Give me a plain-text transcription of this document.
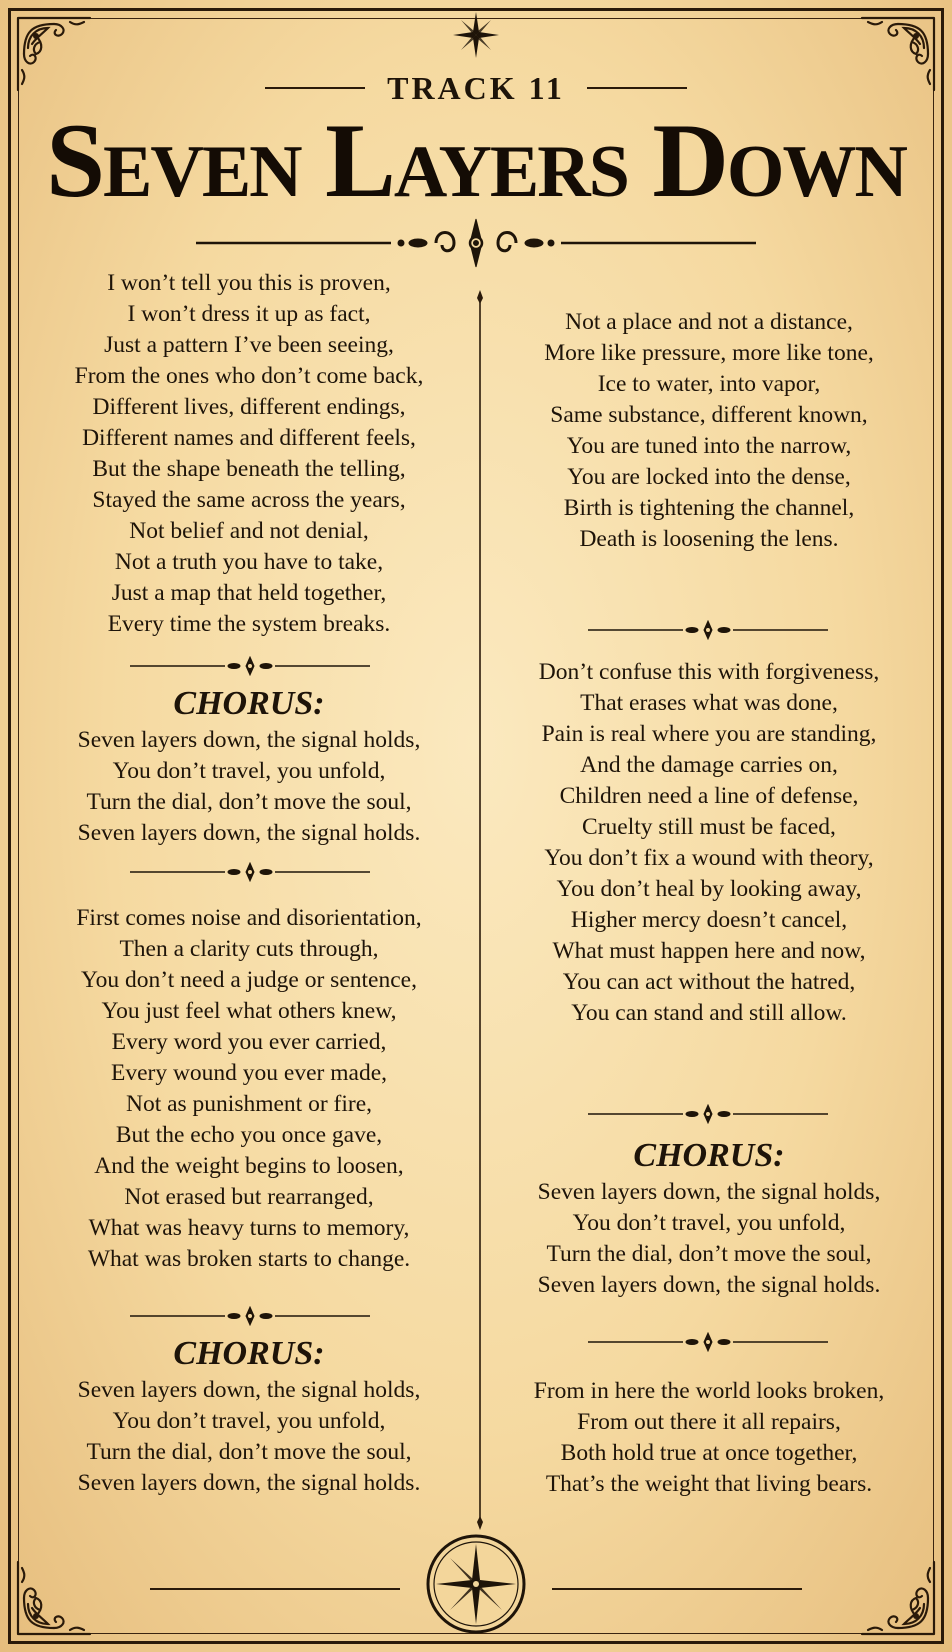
TRACK 11
Seven Layers Down
I won’t tell you this is proven,
I won’t dress it up as fact,
Just a pattern I’ve been seeing,
From the ones who don’t come back,
Different lives, different endings,
Different names and different feels,
But the shape beneath the telling,
Stayed the same across the years,
Not belief and not denial,
Not a truth you have to take,
Just a map that held together,
Every time the system breaks.
CHORUS:
Seven layers down, the signal holds,
You don’t travel, you unfold,
Turn the dial, don’t move the soul,
Seven layers down, the signal holds.
First comes noise and disorientation,
Then a clarity cuts through,
You don’t need a judge or sentence,
You just feel what others knew,
Every word you ever carried,
Every wound you ever made,
Not as punishment or fire,
But the echo you once gave,
And the weight begins to loosen,
Not erased but rearranged,
What was heavy turns to memory,
What was broken starts to change.
CHORUS:
Seven layers down, the signal holds,
You don’t travel, you unfold,
Turn the dial, don’t move the soul,
Seven layers down, the signal holds.
Not a place and not a distance,
More like pressure, more like tone,
Ice to water, into vapor,
Same substance, different known,
You are tuned into the narrow,
You are locked into the dense,
Birth is tightening the channel,
Death is loosening the lens.
Don’t confuse this with forgiveness,
That erases what was done,
Pain is real where you are standing,
And the damage carries on,
Children need a line of defense,
Cruelty still must be faced,
You don’t fix a wound with theory,
You don’t heal by looking away,
Higher mercy doesn’t cancel,
What must happen here and now,
You can act without the hatred,
You can stand and still allow.
CHORUS:
Seven layers down, the signal holds,
You don’t travel, you unfold,
Turn the dial, don’t move the soul,
Seven layers down, the signal holds.
From in here the world looks broken,
From out there it all repairs,
Both hold true at once together,
That’s the weight that living bears.
